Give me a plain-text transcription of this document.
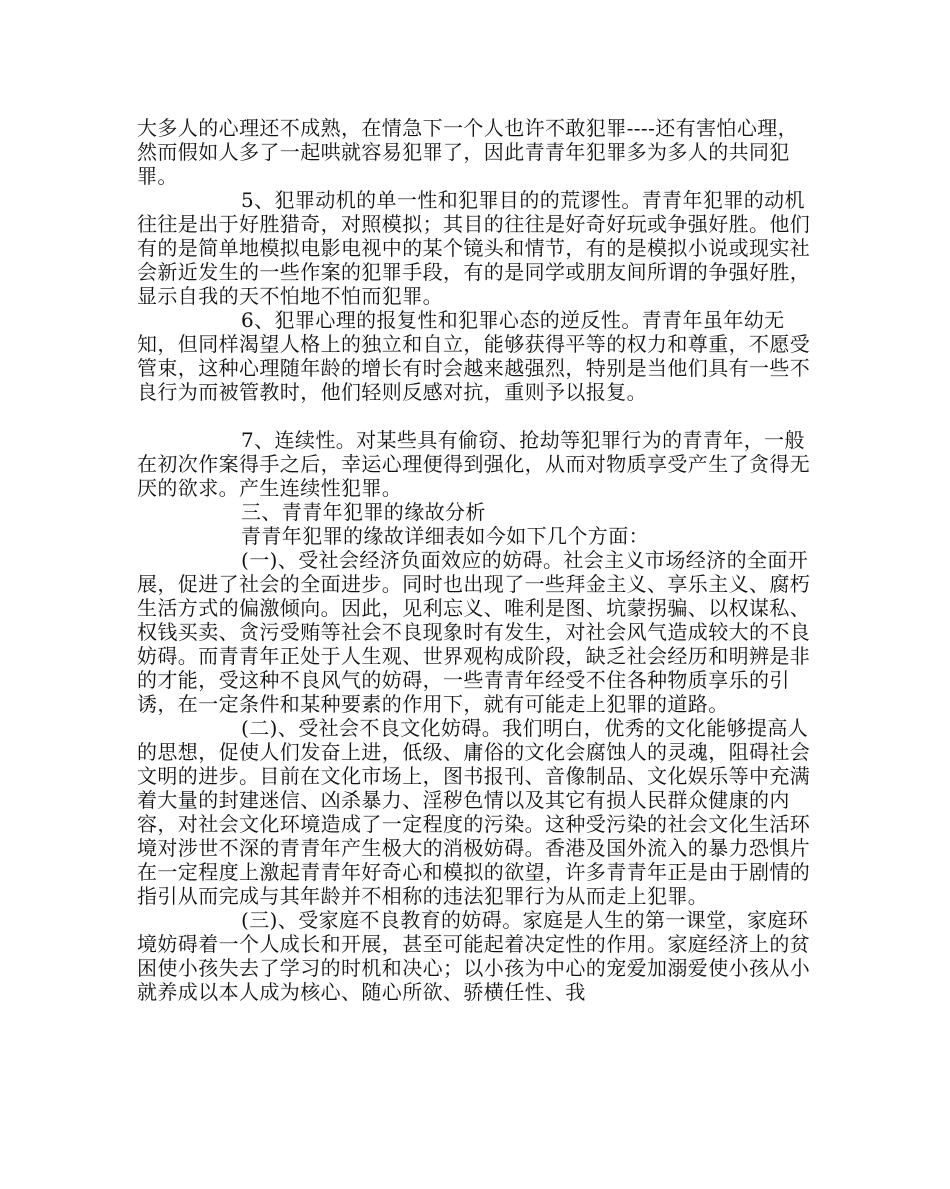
大多人的心理还不成熟，在情急下一个人也许不敢犯罪----还有害怕心理，然而假如人多了一起哄就容易犯罪了，因此青青年犯罪多为多人的共同犯罪。

5、犯罪动机的单一性和犯罪目的的荒谬性。青青年犯罪的动机往往是出于好胜猎奇，对照模拟；其目的往往是好奇好玩或争强好胜。他们有的是简单地模拟电影电视中的某个镜头和情节，有的是模拟小说或现实社会新近发生的一些作案的犯罪手段，有的是同学或朋友间所谓的争强好胜，显示自我的天不怕地不怕而犯罪。

6、犯罪心理的报复性和犯罪心态的逆反性。青青年虽年幼无知，但同样渴望人格上的独立和自立，能够获得平等的权力和尊重，不愿受管束，这种心理随年龄的增长有时会越来越强烈，特别是当他们具有一些不良行为而被管教时，他们轻则反感对抗，重则予以报复。

7、连续性。对某些具有偷窃、抢劫等犯罪行为的青青年，一般在初次作案得手之后，幸运心理便得到强化，从而对物质享受产生了贪得无厌的欲求。产生连续性犯罪。

三、青青年犯罪的缘故分析

青青年犯罪的缘故详细表如今如下几个方面：

(一)、受社会经济负面效应的妨碍。社会主义市场经济的全面开展，促进了社会的全面进步。同时也出现了一些拜金主义、享乐主义、腐朽生活方式的偏激倾向。因此，见利忘义、唯利是图、坑蒙拐骗、以权谋私、权钱买卖、贪污受贿等社会不良现象时有发生，对社会风气造成较大的不良妨碍。而青青年正处于人生观、世界观构成阶段，缺乏社会经历和明辨是非的才能，受这种不良风气的妨碍，一些青青年经受不住各种物质享乐的引诱，在一定条件和某种要素的作用下，就有可能走上犯罪的道路。

(二)、受社会不良文化妨碍。我们明白，优秀的文化能够提高人的思想，促使人们发奋上进，低级、庸俗的文化会腐蚀人的灵魂，阻碍社会文明的进步。目前在文化市场上，图书报刊、音像制品、文化娱乐等中充满着大量的封建迷信、凶杀暴力、淫秽色情以及其它有损人民群众健康的内容，对社会文化环境造成了一定程度的污染。这种受污染的社会文化生活环境对涉世不深的青青年产生极大的消极妨碍。香港及国外流入的暴力恐惧片在一定程度上激起青青年好奇心和模拟的欲望，许多青青年正是由于剧情的指引从而完成与其年龄并不相称的违法犯罪行为从而走上犯罪。

(三)、受家庭不良教育的妨碍。家庭是人生的第一课堂，家庭环境妨碍着一个人成长和开展，甚至可能起着决定性的作用。家庭经济上的贫困使小孩失去了学习的时机和决心；以小孩为中心的宠爱加溺爱使小孩从小就养成以本人成为核心、随心所欲、骄横任性、我
